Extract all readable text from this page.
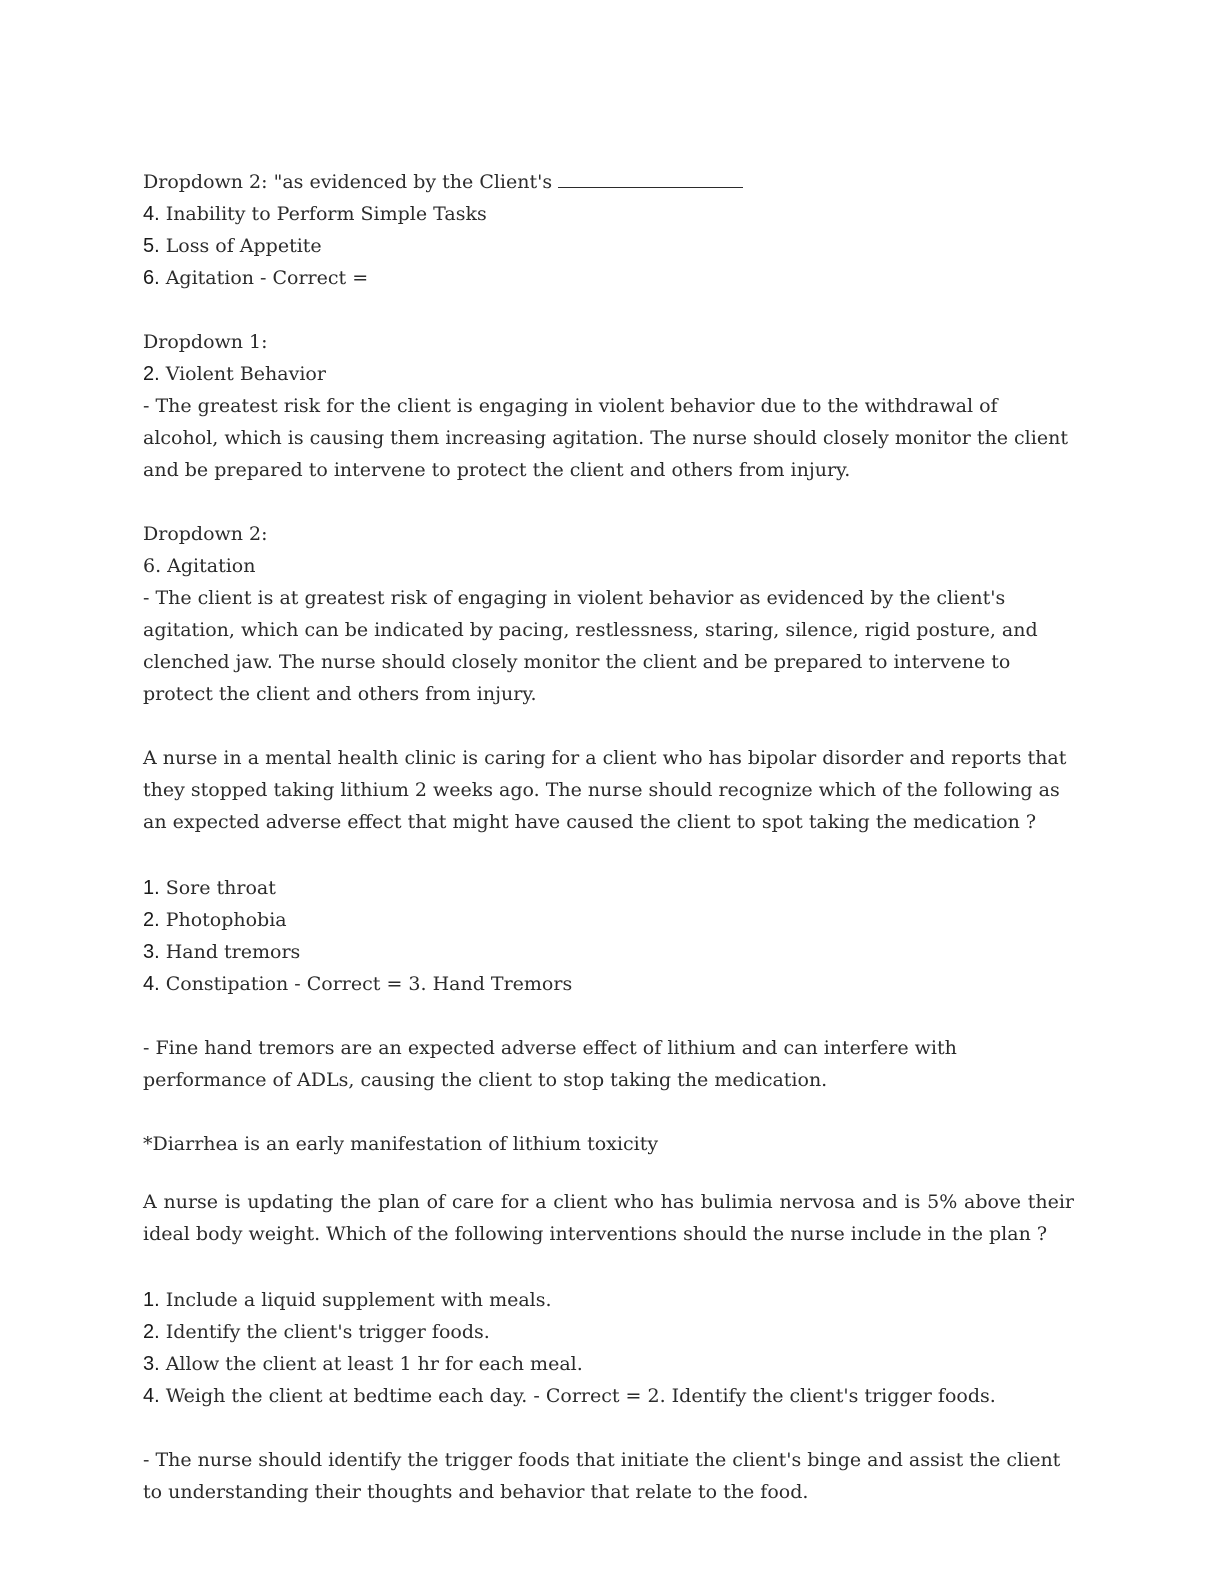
Dropdown 2: "as evidenced by the Client's

4. Inability to Perform Simple Tasks

5. Loss of Appetite

6. Agitation - Correct =

Dropdown 1:

2. Violent Behavior

- The greatest risk for the client is engaging in violent behavior due to the withdrawal of alcohol, which is causing them increasing agitation. The nurse should closely monitor the client and be prepared to intervene to protect the client and others from injury.

Dropdown 2:

6. Agitation

- The client is at greatest risk of engaging in violent behavior as evidenced by the client's agitation, which can be indicated by pacing, restlessness, staring, silence, rigid posture, and clenched jaw. The nurse should closely monitor the client and be prepared to intervene to protect the client and others from injury.

A nurse in a mental health clinic is caring for a client who has bipolar disorder and reports that they stopped taking lithium 2 weeks ago. The nurse should recognize which of the following as an expected adverse effect that might have caused the client to spot taking the medication ?

1. Sore throat

2. Photophobia

3. Hand tremors

4. Constipation - Correct = 3. Hand Tremors

- Fine hand tremors are an expected adverse effect of lithium and can interfere with performance of ADLs, causing the client to stop taking the medication.

*Diarrhea is an early manifestation of lithium toxicity

A nurse is updating the plan of care for a client who has bulimia nervosa and is 5% above their ideal body weight. Which of the following interventions should the nurse include in the plan ?

1. Include a liquid supplement with meals.

2. Identify the client's trigger foods.

3. Allow the client at least 1 hr for each meal.

4. Weigh the client at bedtime each day. - Correct = 2. Identify the client's trigger foods.

- The nurse should identify the trigger foods that initiate the client's binge and assist the client to understanding their thoughts and behavior that relate to the food.
